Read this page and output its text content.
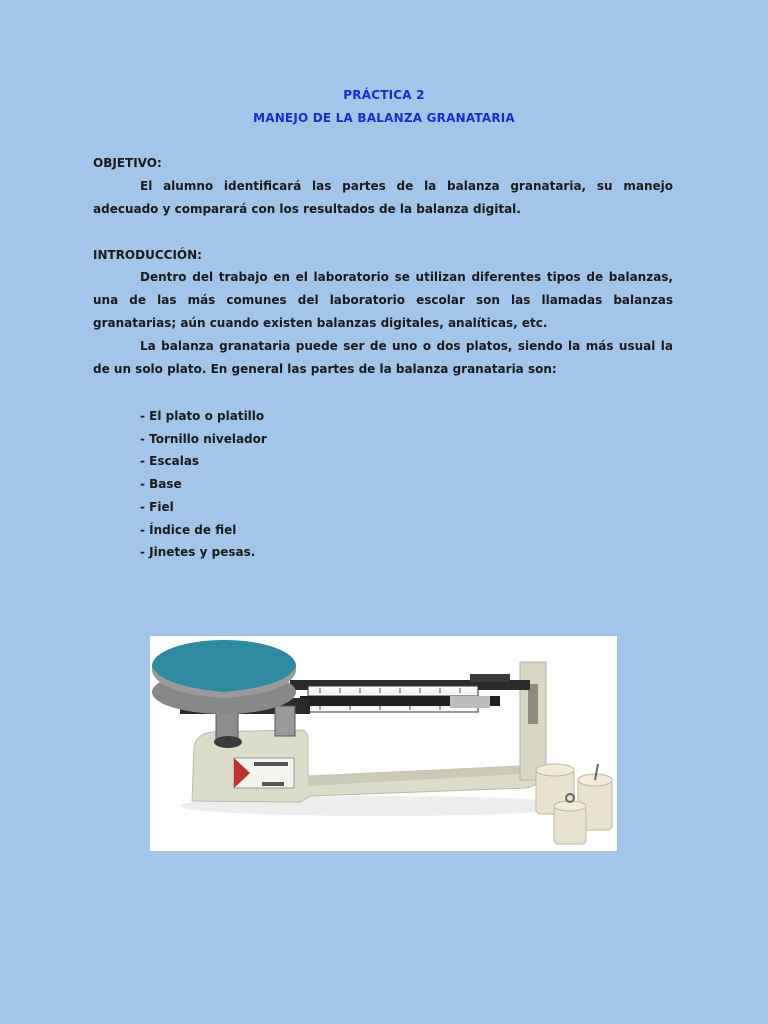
PRÁCTICA 2
MANEJO DE LA BALANZA GRANATARIA
OBJETIVO:

El alumno identificará las partes de la balanza granataria, su manejo adecuado y comparará con los resultados de la balanza digital.

INTRODUCCIÓN:

Dentro del trabajo en el laboratorio se utilizan diferentes tipos de balanzas, una de las más comunes del laboratorio escolar son las llamadas balanzas granatarias; aún cuando existen balanzas digitales, analíticas, etc.

La balanza granataria puede ser de uno o dos platos, siendo la más usual la de un solo plato. En general las partes de la balanza granataria son:

- El plato o platillo
- Tornillo nivelador
- Escalas
- Base
- Fiel
- Índice de fiel
- Jinetes y pesas.
